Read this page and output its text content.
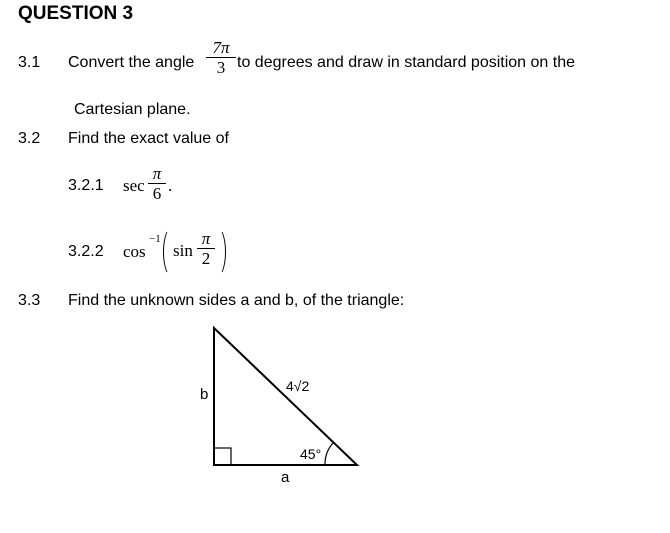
QUESTION 3
3.1 Convert the angle
7π
3 to degrees and draw in standard position on the
Cartesian plane.
3.2 Find the exact value of
3.2.1 sec
π
6 .
3.2.2 cos
−1
sin
π
2
3.3 Find the unknown sides a and b, of the triangle:
4√2
b
a
45°
